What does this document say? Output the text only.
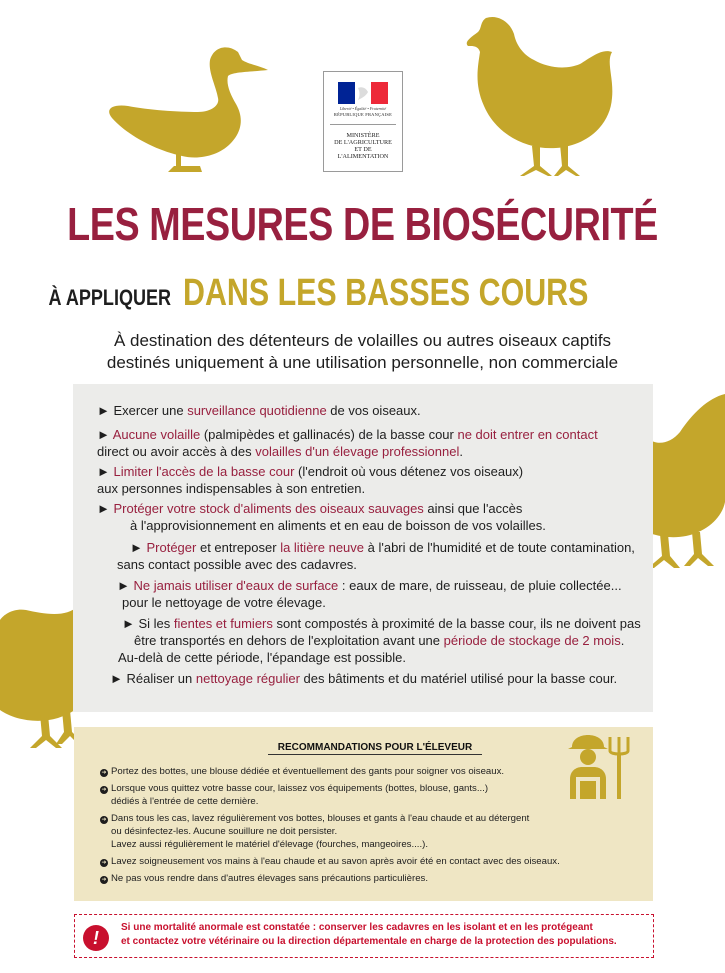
Liberté • Égalité • Fraternité
RÉPUBLIQUE FRANÇAISE
MINISTÈRE
DE L'AGRICULTURE
ET DE
L'ALIMENTATION
LES MESURES DE BIOSÉCURITÉ
À APPLIQUER DANS LES BASSES COURS
À destination des détenteurs de volailles ou autres oiseaux captifs
destinés uniquement à une utilisation personnelle, non commerciale
► Exercer une surveillance quotidienne de vos oiseaux.
► Aucune volaille (palmipèdes et gallinacés) de la basse cour ne doit entrer en contact
direct ou avoir accès à des volailles d'un élevage professionnel.
► Limiter l'accès de la basse cour (l'endroit où vous détenez vos oiseaux)
aux personnes indispensables à son entretien.
► Protéger votre stock d'aliments des oiseaux sauvages ainsi que l'accès
à l'approvisionnement en aliments et en eau de boisson de vos volailles.
► Protéger et entreposer la litière neuve à l'abri de l'humidité et de toute contamination,
sans contact possible avec des cadavres.
► Ne jamais utiliser d'eaux de surface : eaux de mare, de ruisseau, de pluie collectée...
pour le nettoyage de votre élevage.
► Si les fientes et fumiers sont compostés à proximité de la basse cour, ils ne doivent pas
être transportés en dehors de l'exploitation avant une période de stockage de 2 mois.
Au-delà de cette période, l'épandage est possible.
► Réaliser un nettoyage régulier des bâtiments et du matériel utilisé pour la basse cour.
RECOMMANDATIONS POUR L'ÉLEVEUR
➜ Portez des bottes, une blouse dédiée et éventuellement des gants pour soigner vos oiseaux.
➜ Lorsque vous quittez votre basse cour, laissez vos équipements (bottes, blouse, gants...)
dédiés à l'entrée de cette dernière.
➜ Dans tous les cas, lavez régulièrement vos bottes, blouses et gants à l'eau chaude et au détergent
ou désinfectez-les. Aucune souillure ne doit persister.
Lavez aussi régulièrement le matériel d'élevage (fourches, mangeoires....).
➜ Lavez soigneusement vos mains à l'eau chaude et au savon après avoir été en contact avec des oiseaux.
➜ Ne pas vous rendre dans d'autres élevages sans précautions particulières.
!
Si une mortalité anormale est constatée : conserver les cadavres en les isolant et en les protégeant
et contactez votre vétérinaire ou la direction départementale en charge de la protection des populations.
